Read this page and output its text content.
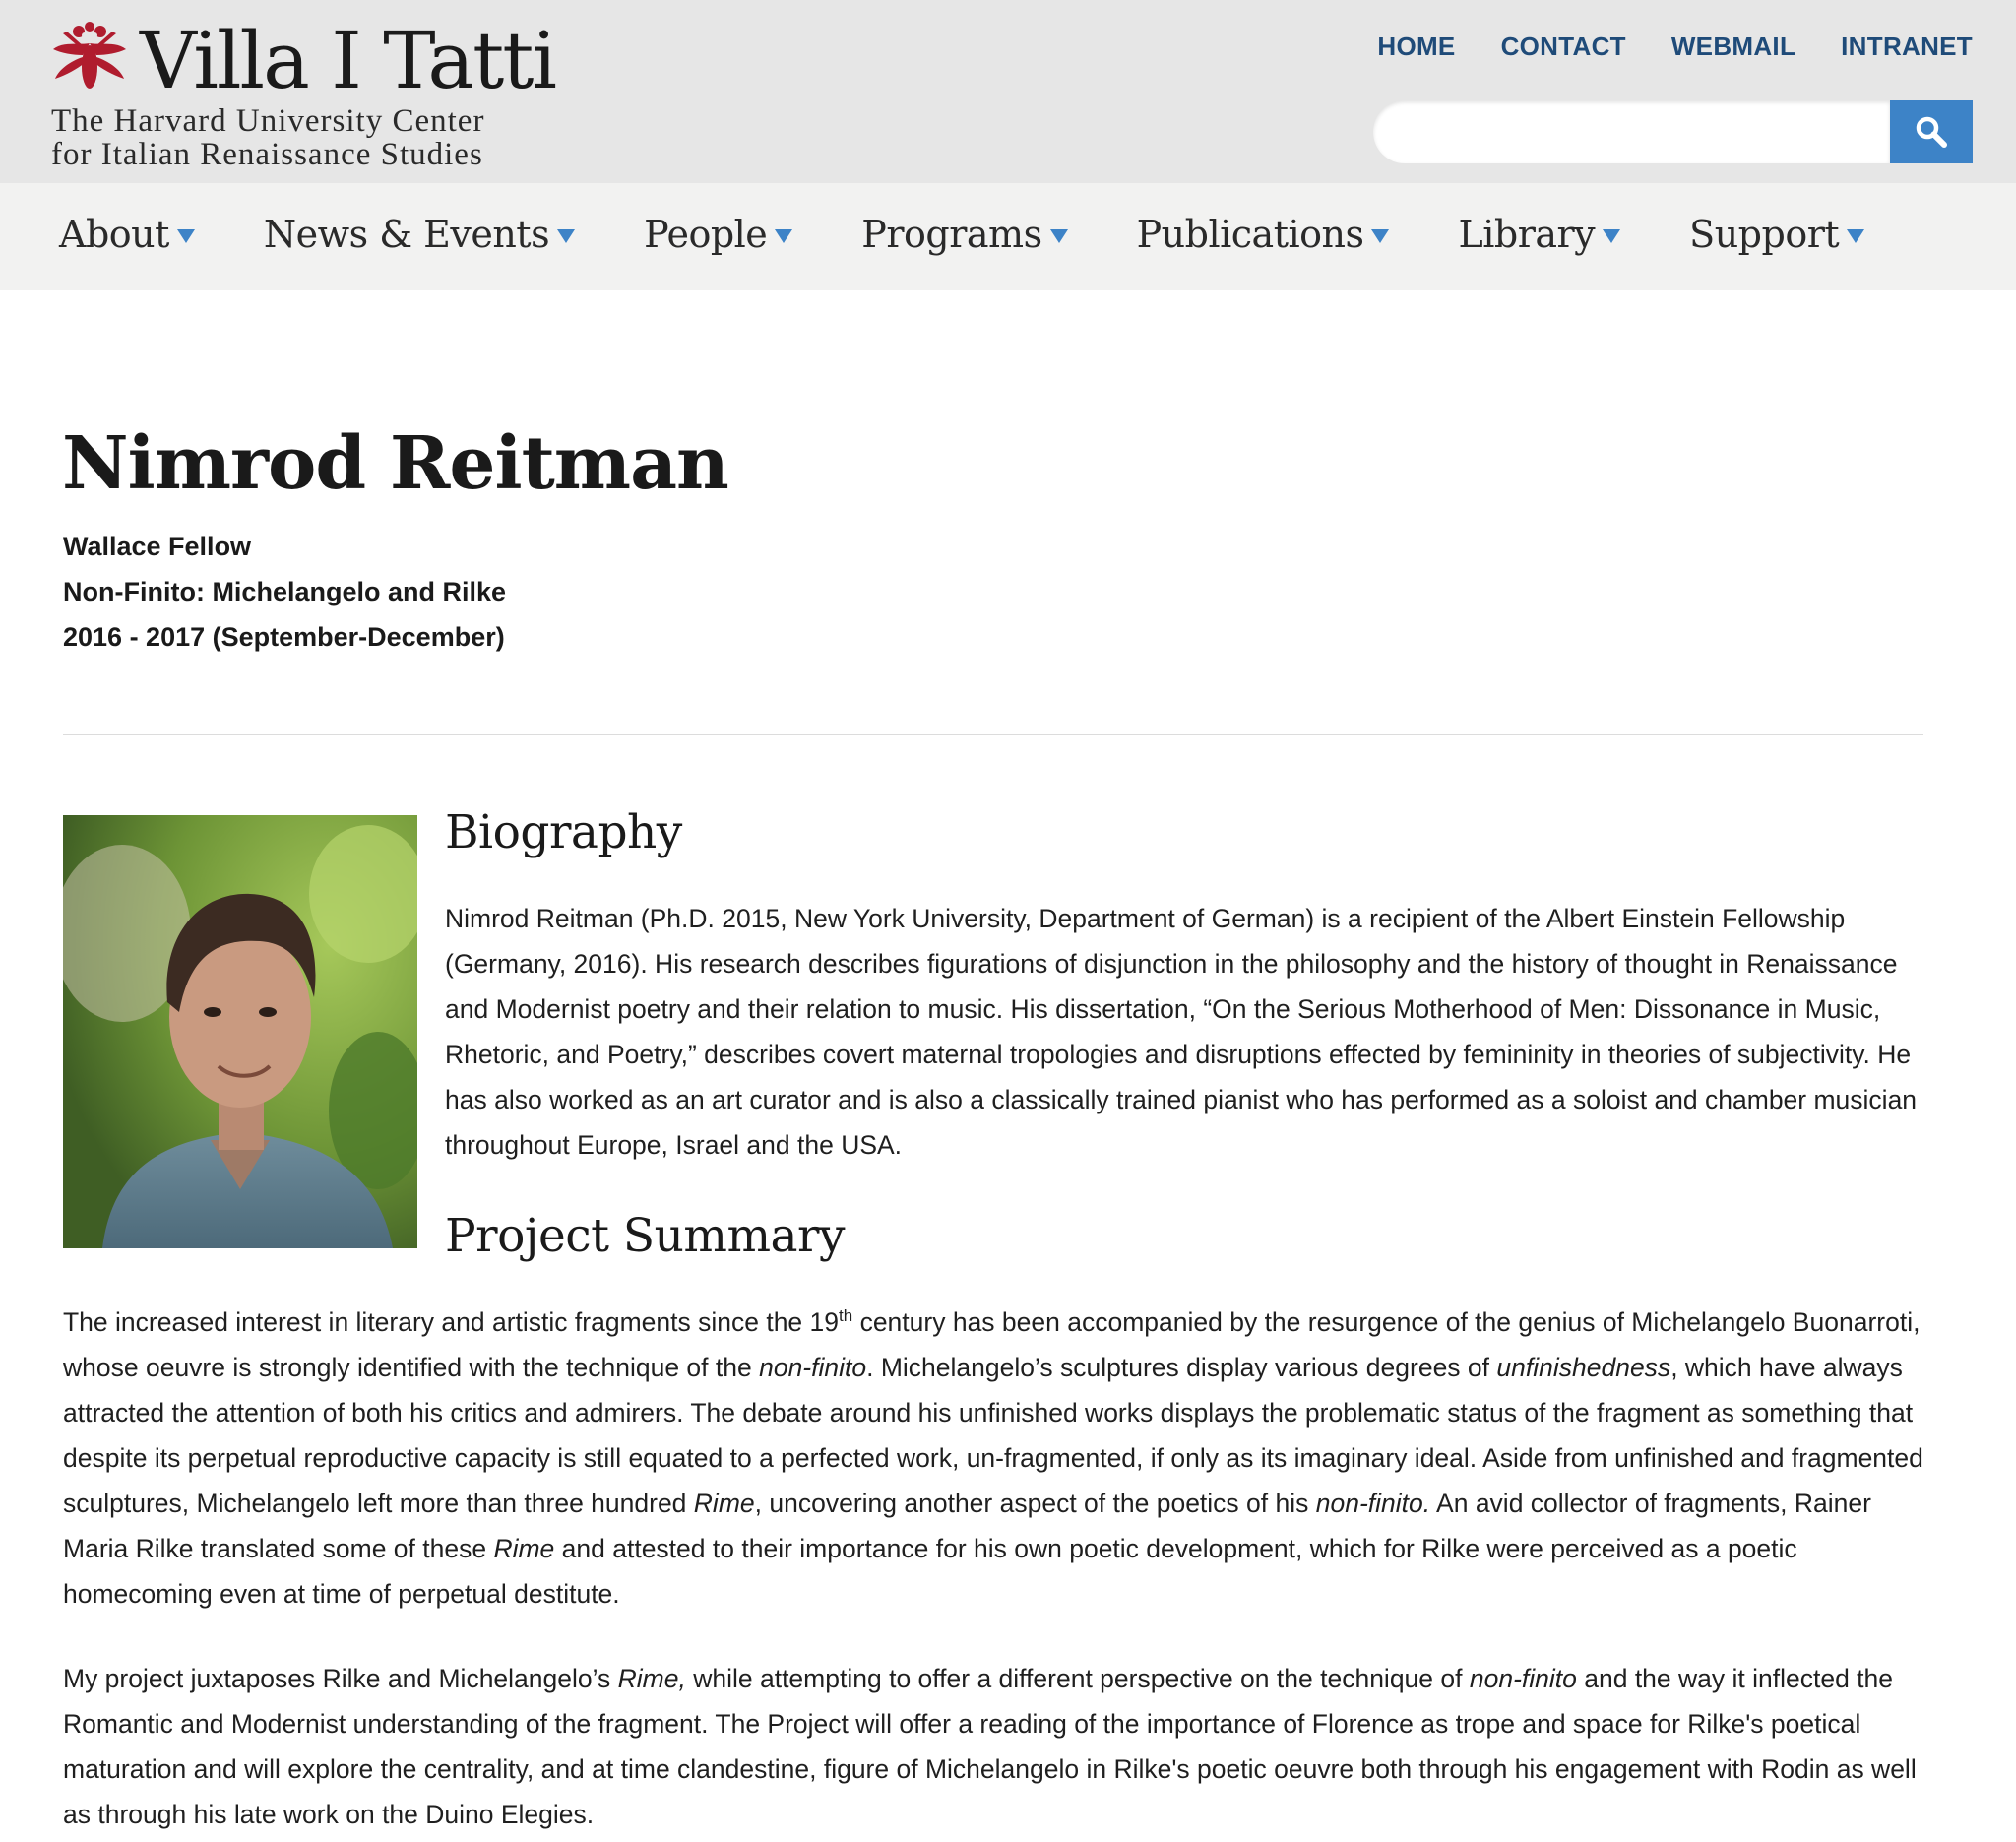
Villa I Tatti
The Harvard University Center
for Italian Renaissance Studies
HOME CONTACT WEBMAIL INTRANET
About	News & Events	People	Programs	Publications	Library	Support
Nimrod Reitman
Wallace Fellow
Non-Finito: Michelangelo and Rilke
2016 - 2017 (September-December)
Biography

Nimrod Reitman (Ph.D. 2015, New York University, Department of German) is a recipient of the Albert Einstein Fellowship (Germany, 2016). His research describes figurations of disjunction in the philosophy and the history of thought in Renaissance and Modernist poetry and their relation to music. His dissertation, “On the Serious Motherhood of Men: Dissonance in Music, Rhetoric, and Poetry,” describes covert maternal tropologies and disruptions effected by femininity in theories of subjectivity. He has also worked as an art curator and is also a classically trained pianist who has performed as a soloist and chamber musician throughout Europe, Israel and the USA.

Project Summary

The increased interest in literary and artistic fragments since the 19th century has been accompanied by the resurgence of the genius of Michelangelo Buonarroti, whose oeuvre is strongly identified with the technique of the non-finito. Michelangelo’s sculptures display various degrees of unfinishedness, which have always attracted the attention of both his critics and admirers. The debate around his unfinished works displays the problematic status of the fragment as something that despite its perpetual reproductive capacity is still equated to a perfected work, un-fragmented, if only as its imaginary ideal. Aside from unfinished and fragmented sculptures, Michelangelo left more than three hundred Rime, uncovering another aspect of the poetics of his non-finito. An avid collector of fragments, Rainer Maria Rilke translated some of these Rime and attested to their importance for his own poetic development, which for Rilke were perceived as a poetic homecoming even at time of perpetual destitute.

My project juxtaposes Rilke and Michelangelo’s Rime, while attempting to offer a different perspective on the technique of non-finito and the way it inflected the Romantic and Modernist understanding of the fragment. The Project will offer a reading of the importance of Florence as trope and space for Rilke's poetical maturation and will explore the centrality, and at time clandestine, figure of Michelangelo in Rilke's poetic oeuvre both through his engagement with Rodin as well as through his late work on the Duino Elegies.
